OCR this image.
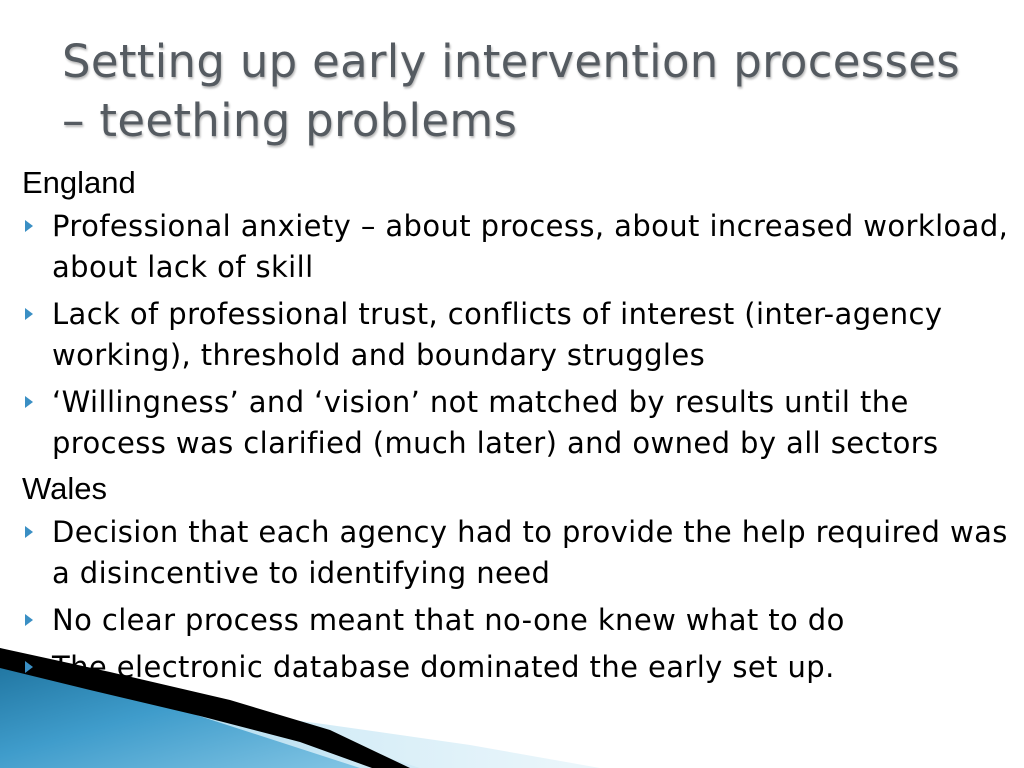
Setting up early intervention processes – teething problems
England
Professional anxiety – about process, about increased workload, about lack of skill
Lack of professional trust, conflicts of interest (inter-agency working), threshold and boundary struggles
‘Willingness’ and ‘vision’ not matched by results until the process was clarified (much later) and owned by all sectors
Wales
Decision that each agency had to provide the help required was a disincentive to identifying need
No clear process meant that no-one knew what to do
The electronic database dominated the early set up.
